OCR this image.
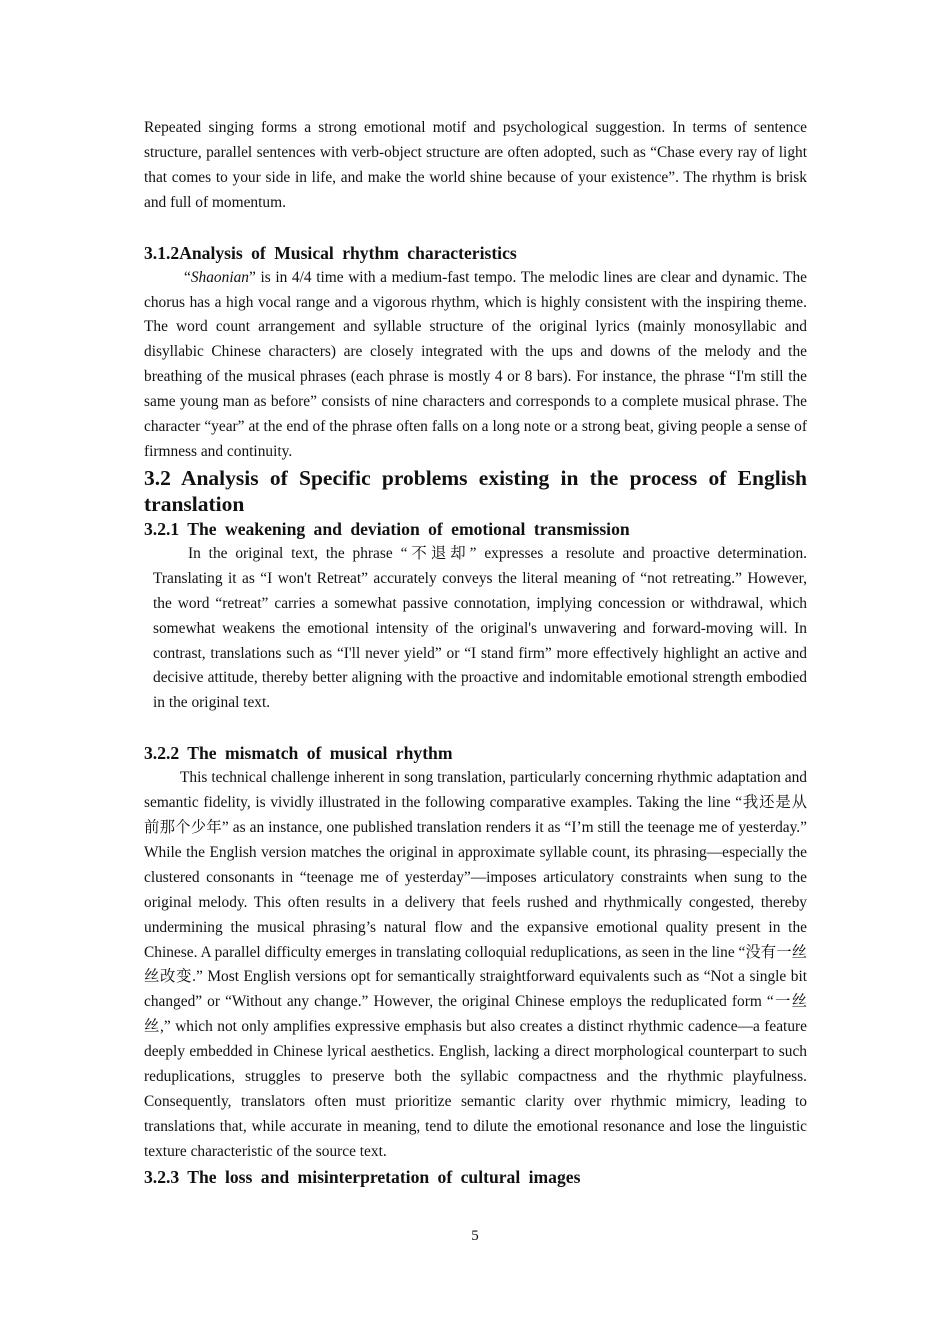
Repeated singing forms a strong emotional motif and psychological suggestion. In terms of sentence structure, parallel sentences with verb-object structure are often adopted, such as “Chase every ray of light that comes to your side in life, and make the world shine because of your existence”. The rhythm is brisk and full of momentum.

3.1.2Analysis of Musical rhythm characteristics

“Shaonian” is in 4/4 time with a medium-fast tempo. The melodic lines are clear and dynamic. The chorus has a high vocal range and a vigorous rhythm, which is highly consistent with the inspiring theme. The word count arrangement and syllable structure of the original lyrics (mainly monosyllabic and disyllabic Chinese characters) are closely integrated with the ups and downs of the melody and the breathing of the musical phrases (each phrase is mostly 4 or 8 bars). For instance, the phrase “I'm still the same young man as before” consists of nine characters and corresponds to a complete musical phrase. The character “year” at the end of the phrase often falls on a long note or a strong beat, giving people a sense of firmness and continuity.

3.2 Analysis of Specific problems existing in the process of English translation
3.2.1 The weakening and deviation of emotional transmission

In the original text, the phrase “不退却” expresses a resolute and proactive determination. Translating it as “I won't Retreat” accurately conveys the literal meaning of “not retreating.” However, the word “retreat” carries a somewhat passive connotation, implying concession or withdrawal, which somewhat weakens the emotional intensity of the original's unwavering and forward-moving will. In contrast, translations such as “I'll never yield” or “I stand firm” more effectively highlight an active and decisive attitude, thereby better aligning with the proactive and indomitable emotional strength embodied in the original text.

3.2.2 The mismatch of musical rhythm

This technical challenge inherent in song translation, particularly concerning rhythmic adaptation and semantic fidelity, is vividly illustrated in the following comparative examples. Taking the line “我还是从前那个少年” as an instance, one published translation renders it as “I’m still the teenage me of yesterday.” While the English version matches the original in approximate syllable count, its phrasing—especially the clustered consonants in “teenage me of yesterday”—imposes articulatory constraints when sung to the original melody. This often results in a delivery that feels rushed and rhythmically congested, thereby undermining the musical phrasing’s natural flow and the expansive emotional quality present in the Chinese. A parallel difficulty emerges in translating colloquial reduplications, as seen in the line “没有一丝丝改变.” Most English versions opt for semantically straightforward equivalents such as “Not a single bit changed” or “Without any change.” However, the original Chinese employs the reduplicated form “一丝丝,” which not only amplifies expressive emphasis but also creates a distinct rhythmic cadence—a feature deeply embedded in Chinese lyrical aesthetics. English, lacking a direct morphological counterpart to such reduplications, struggles to preserve both the syllabic compactness and the rhythmic playfulness. Consequently, translators often must prioritize semantic clarity over rhythmic mimicry, leading to translations that, while accurate in meaning, tend to dilute the emotional resonance and lose the linguistic texture characteristic of the source text.

3.2.3 The loss and misinterpretation of cultural images
5
